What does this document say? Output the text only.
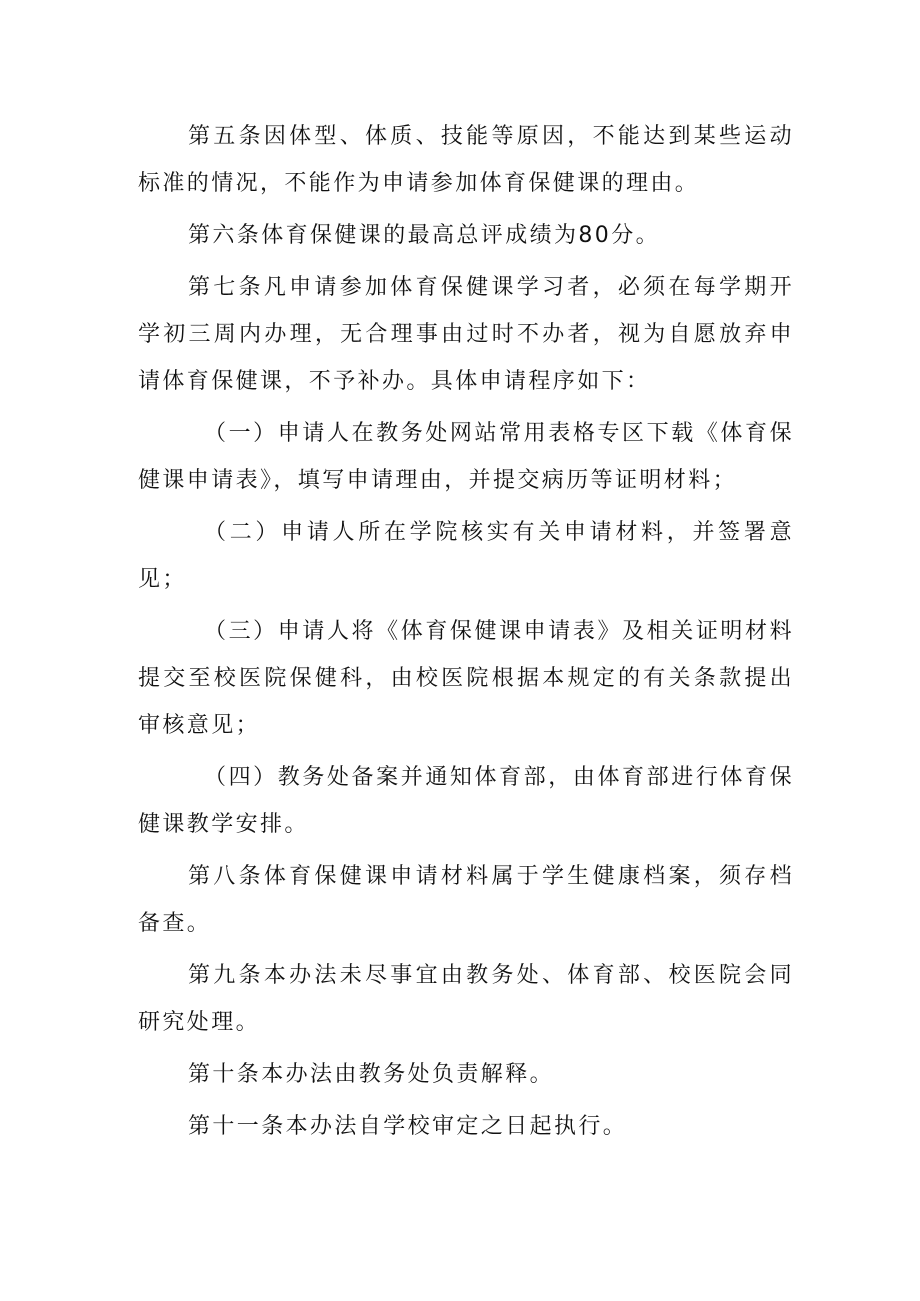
第五条因体型、体质、技能等原因，不能达到某些运动标准的情况，不能作为申请参加体育保健课的理由。

第六条体育保健课的最高总评成绩为80分。

第七条凡申请参加体育保健课学习者，必须在每学期开学初三周内办理，无合理事由过时不办者，视为自愿放弃申请体育保健课，不予补办。具体申请程序如下：

（一）申请人在教务处网站常用表格专区下载《体育保健课申请表》，填写申请理由，并提交病历等证明材料；

（二）申请人所在学院核实有关申请材料，并签署意见；

（三）申请人将《体育保健课申请表》及相关证明材料提交至校医院保健科，由校医院根据本规定的有关条款提出审核意见；

（四）教务处备案并通知体育部，由体育部进行体育保健课教学安排。

第八条体育保健课申请材料属于学生健康档案，须存档备查。

第九条本办法未尽事宜由教务处、体育部、校医院会同研究处理。

第十条本办法由教务处负责解释。

第十一条本办法自学校审定之日起执行。
